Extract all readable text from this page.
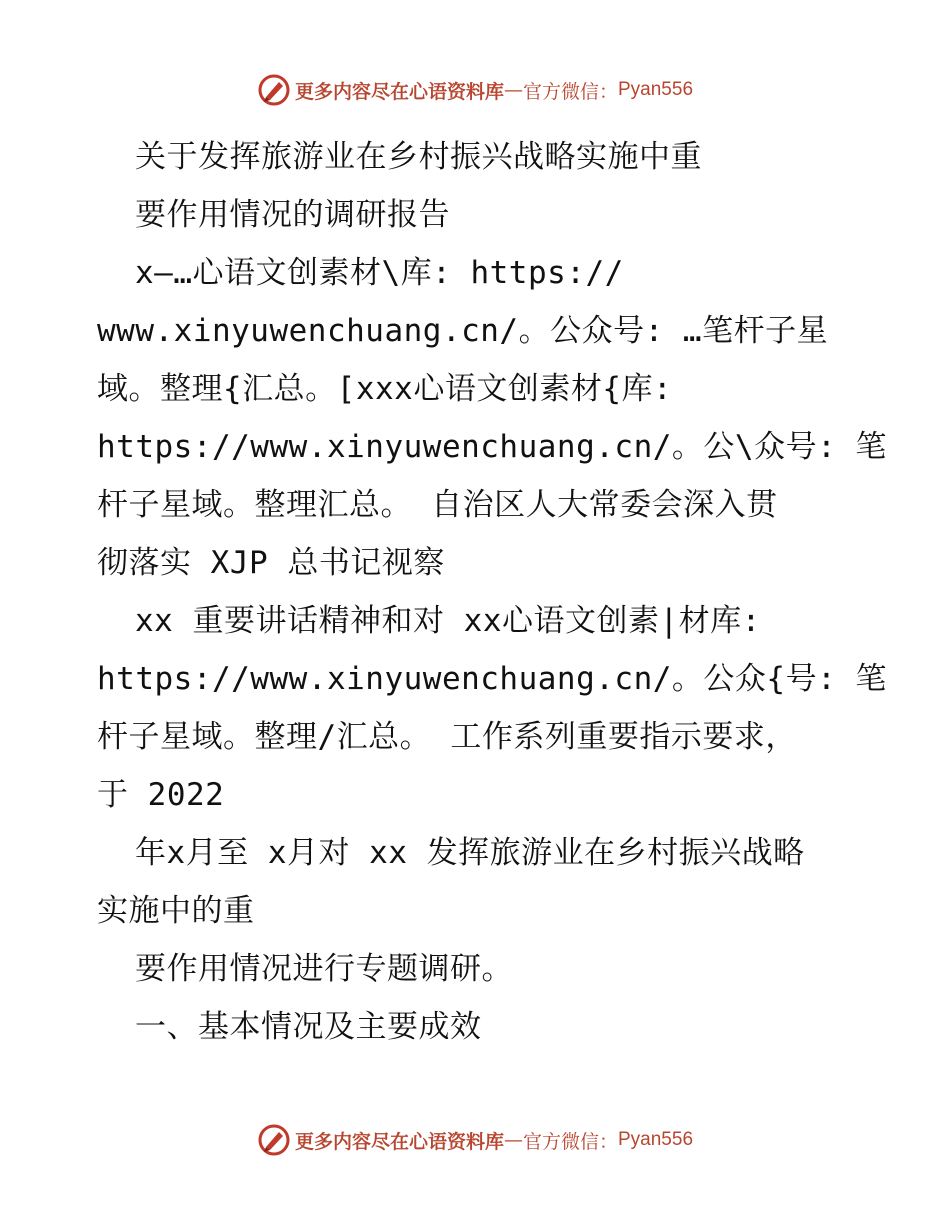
更多内容尽在心语资料库 — 官方微信： Pyan556
关于发挥旅游业在乡村振兴战略实施中重
要作用情况的调研报告
x—…心语文创素材\库: https://
www.xinyuwenchuang.cn/。公众号: …笔杆子星
域。整理{汇总。[xxx心语文创素材{库:
https://www.xinyuwenchuang.cn/。公\众号: 笔
杆子星域。整理汇总。 自治区人大常委会深入贯
彻落实 XJP 总书记视察
xx 重要讲话精神和对 xx心语文创素|材库:
https://www.xinyuwenchuang.cn/。公众{号: 笔
杆子星域。整理/汇总。 工作系列重要指示要求，
于 2022
年x月至 x月对 xx 发挥旅游业在乡村振兴战略
实施中的重
要作用情况进行专题调研。
一、基本情况及主要成效
更多内容尽在心语资料库 — 官方微信： Pyan556
